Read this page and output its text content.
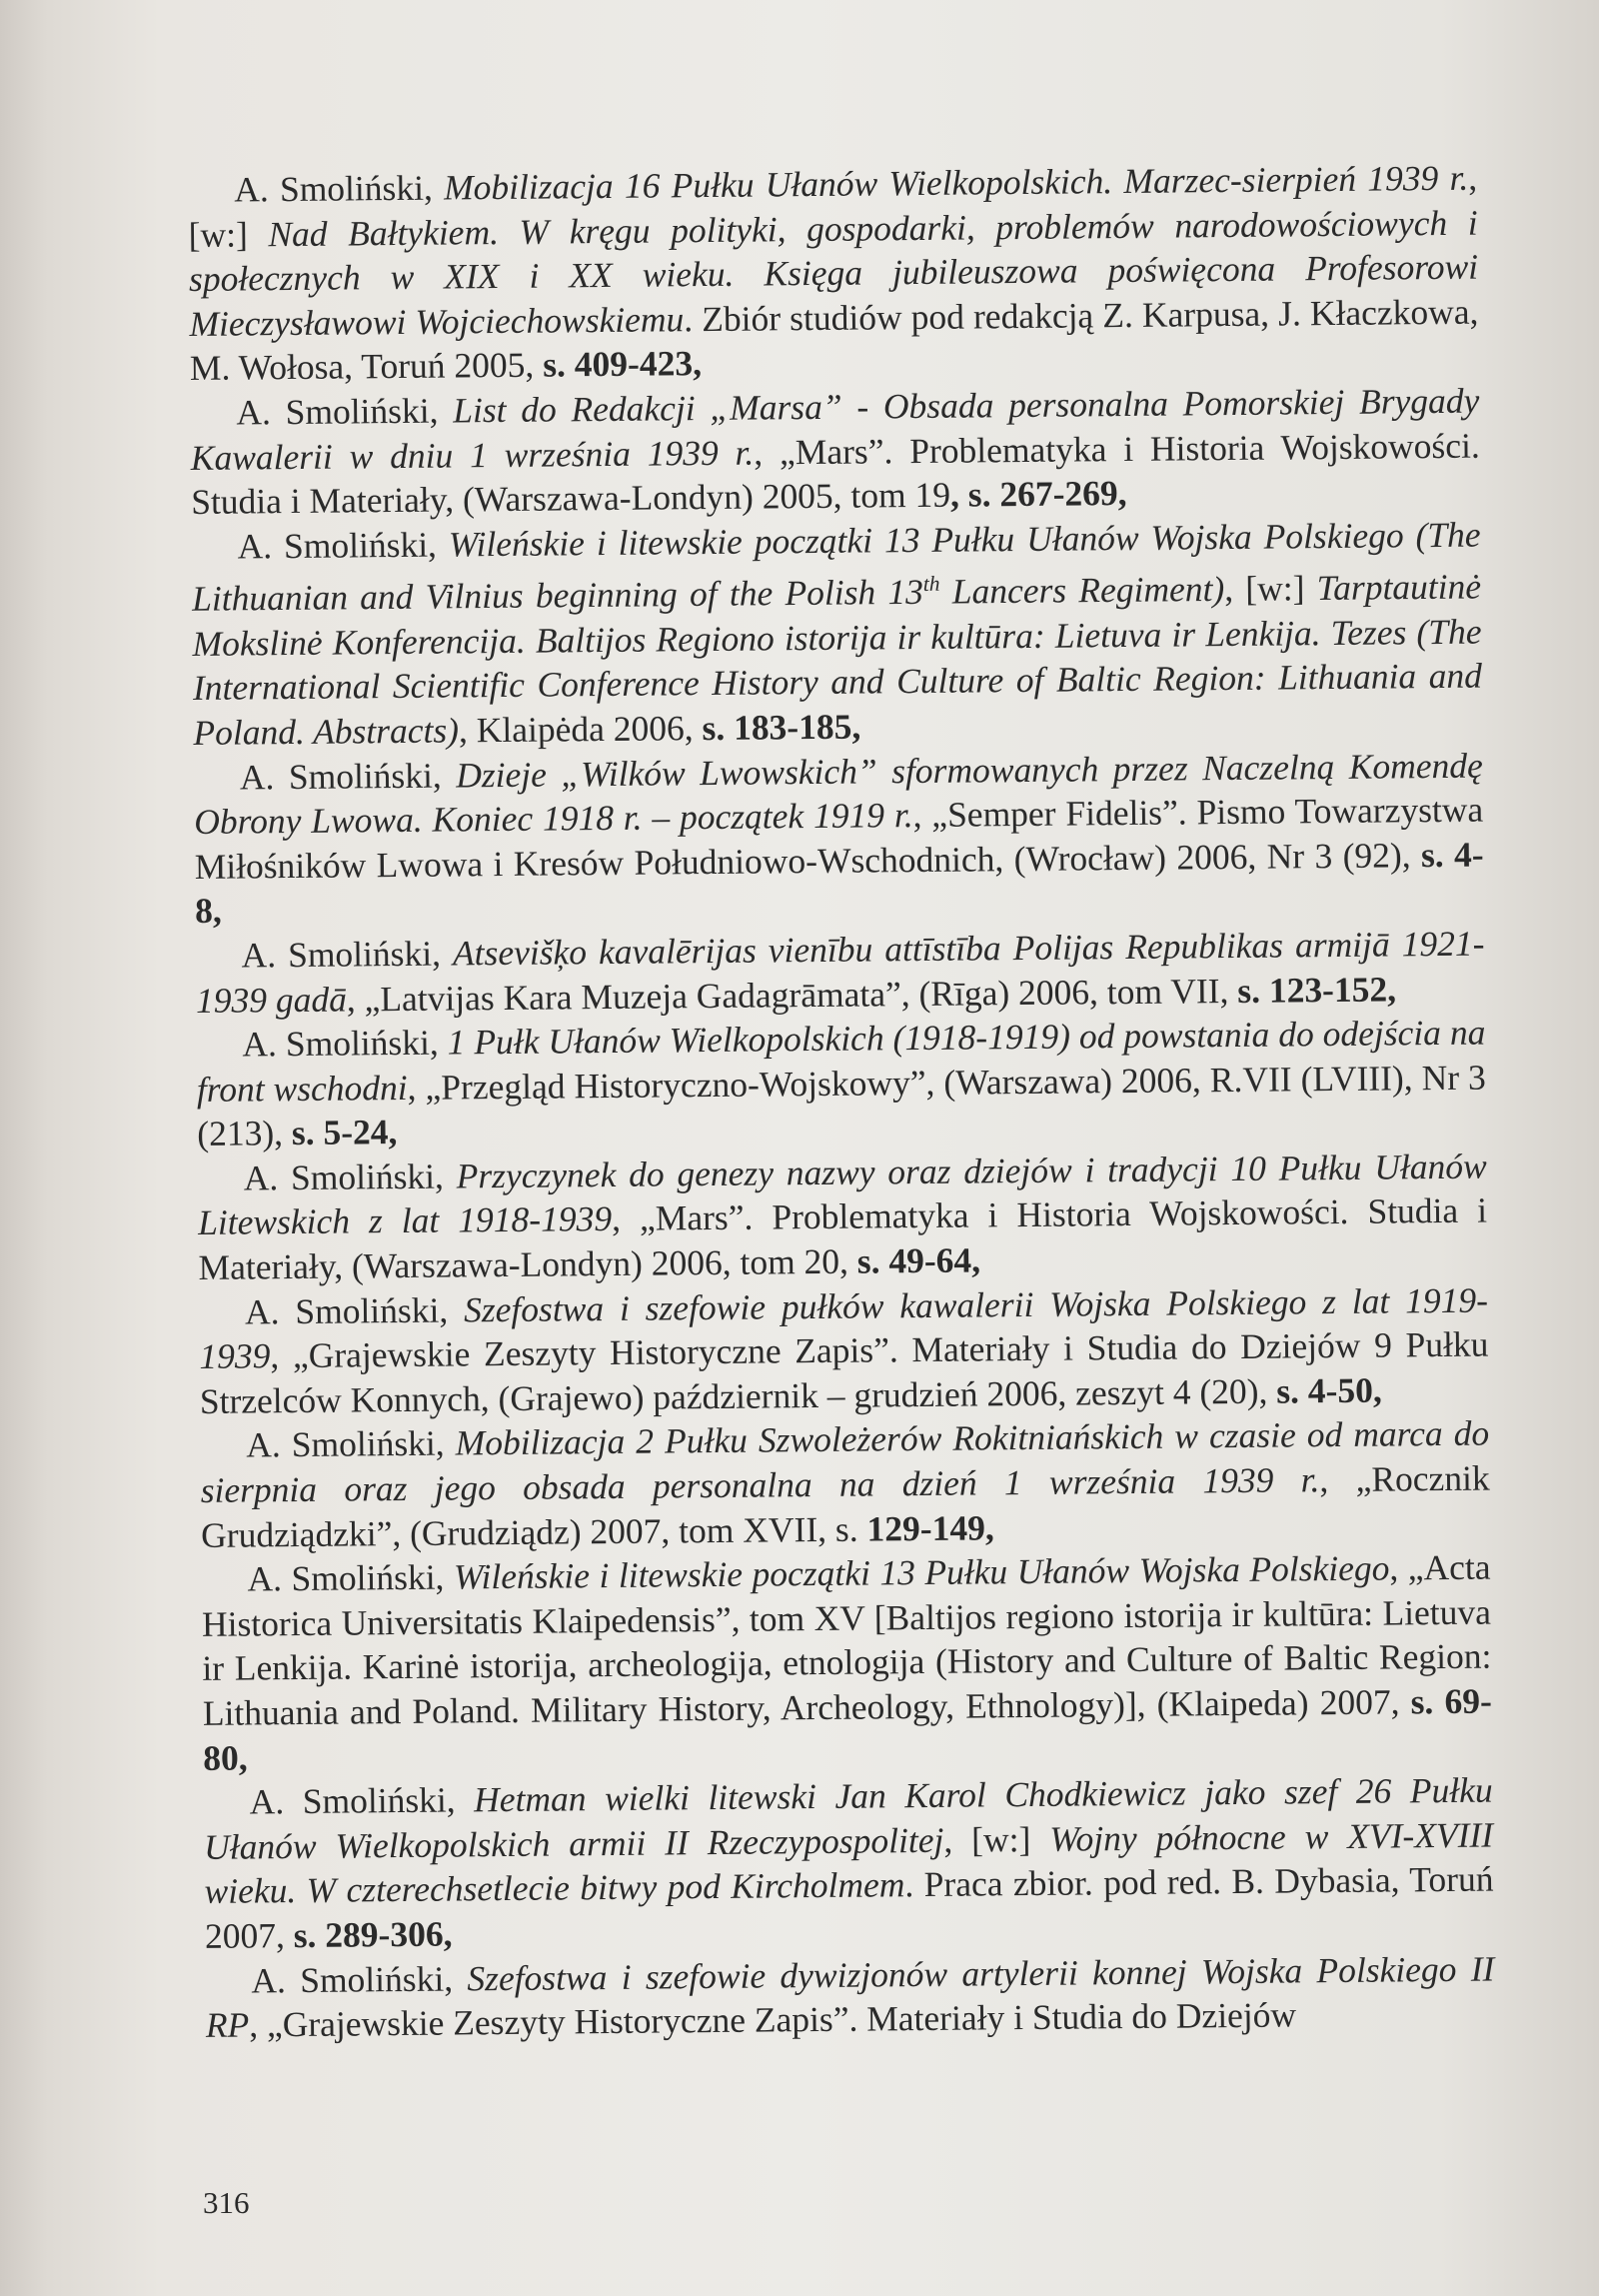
A. Smoliński, Mobilizacja 16 Pułku Ułanów Wielkopolskich. Marzec-sierpień 1939 r., [w:] Nad Bałtykiem. W kręgu polityki, gospodarki, problemów narodowościowych i społecznych w XIX i XX wieku. Księga jubileuszowa poświęcona Profesorowi Mieczysławowi Wojciechowskiemu. Zbiór studiów pod redakcją Z. Karpusa, J. Kłaczkowa, M. Wołosa, Toruń 2005, s. 409-423,

A. Smoliński, List do Redakcji „Marsa” - Obsada personalna Pomorskiej Brygady Kawalerii w dniu 1 września 1939 r., „Mars”. Problematyka i Historia Wojskowości. Studia i Materiały, (Warszawa-Londyn) 2005, tom 19, s. 267-269,

A. Smoliński, Wileńskie i litewskie początki 13 Pułku Ułanów Wojska Polskiego (The Lithuanian and Vilnius beginning of the Polish 13th Lancers Regiment), [w:] Tarptautinė Mokslinė Konferencija. Baltijos Regiono istorija ir kultūra: Lietuva ir Lenkija. Tezes (The International Scientific Conference History and Culture of Baltic Region: Lithuania and Poland. Abstracts), Klaipėda 2006, s. 183-185,

A. Smoliński, Dzieje „Wilków Lwowskich” sformowanych przez Naczelną Komendę Obrony Lwowa. Koniec 1918 r. – początek 1919 r., „Semper Fidelis”. Pismo Towarzystwa Miłośników Lwowa i Kresów Południowo-Wschodnich, (Wrocław) 2006, Nr 3 (92), s. 4-8,

A. Smoliński, Atsevišķo kavalērijas vienību attīstība Polijas Republikas armijā 1921-1939 gadā, „Latvijas Kara Muzeja Gadagrāmata”, (Rīga) 2006, tom VII, s. 123-152,

A. Smoliński, 1 Pułk Ułanów Wielkopolskich (1918-1919) od powstania do odejścia na front wschodni, „Przegląd Historyczno-Wojskowy”, (Warszawa) 2006, R.VII (LVIII), Nr 3 (213), s. 5-24,

A. Smoliński, Przyczynek do genezy nazwy oraz dziejów i tradycji 10 Pułku Ułanów Litewskich z lat 1918-1939, „Mars”. Problematyka i Historia Wojskowości. Studia i Materiały, (Warszawa-Londyn) 2006, tom 20, s. 49-64,

A. Smoliński, Szefostwa i szefowie pułków kawalerii Wojska Polskiego z lat 1919-1939, „Grajewskie Zeszyty Historyczne Zapis”. Materiały i Studia do Dziejów 9 Pułku Strzelców Konnych, (Grajewo) październik – grudzień 2006, zeszyt 4 (20), s. 4-50,

A. Smoliński, Mobilizacja 2 Pułku Szwoleżerów Rokitniańskich w czasie od marca do sierpnia oraz jego obsada personalna na dzień 1 września 1939 r., „Rocznik Grudziądzki”, (Grudziądz) 2007, tom XVII, s. 129-149,

A. Smoliński, Wileńskie i litewskie początki 13 Pułku Ułanów Wojska Polskiego, „Acta Historica Universitatis Klaipedensis”, tom XV [Baltijos regiono istorija ir kultūra: Lietuva ir Lenkija. Karinė istorija, archeologija, etnologija (History and Culture of Baltic Region: Lithuania and Poland. Military History, Archeology, Ethnology)], (Klaipeda) 2007, s. 69-80,

A. Smoliński, Hetman wielki litewski Jan Karol Chodkiewicz jako szef 26 Pułku Ułanów Wielkopolskich armii II Rzeczypospolitej, [w:] Wojny północne w XVI-XVIII wieku. W czterechsetlecie bitwy pod Kircholmem. Praca zbior. pod red. B. Dybasia, Toruń 2007, s. 289-306,

A. Smoliński, Szefostwa i szefowie dywizjonów artylerii konnej Wojska Polskiego II RP, „Grajewskie Zeszyty Historyczne Zapis”. Materiały i Studia do Dziejów

316
